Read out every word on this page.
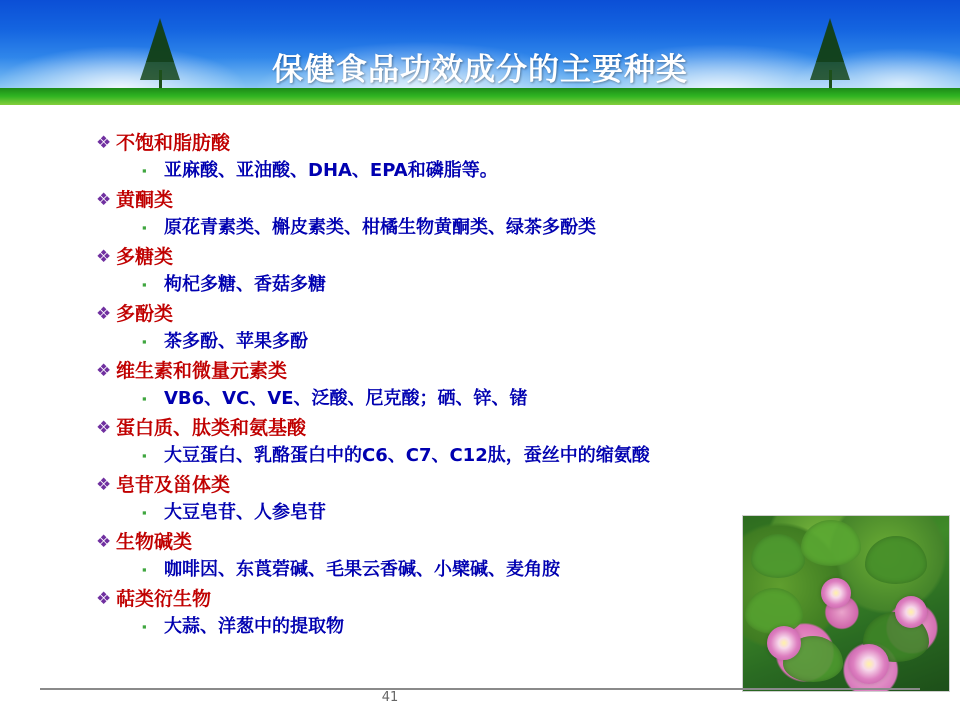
保健食品功效成分的主要种类
❖ 不饱和脂肪酸
▪ 亚麻酸、亚油酸、DHA、EPA和磷脂等。
❖ 黄酮类
▪ 原花青素类、槲皮素类、柑橘生物黄酮类、绿茶多酚类
❖ 多糖类
▪ 枸杞多糖、香菇多糖
❖ 多酚类
▪ 茶多酚、苹果多酚
❖ 维生素和微量元素类
▪ VB6、VC、VE、泛酸、尼克酸；硒、锌、锗
❖ 蛋白质、肽类和氨基酸
▪ 大豆蛋白、乳酪蛋白中的C6、C7、C12肽，蚕丝中的缩氨酸
❖ 皂苷及甾体类
▪ 大豆皂苷、人参皂苷
❖ 生物碱类
▪ 咖啡因、东莨菪碱、毛果云香碱、小檗碱、麦角胺
❖ 萜类衍生物
▪ 大蒜、洋葱中的提取物
41
